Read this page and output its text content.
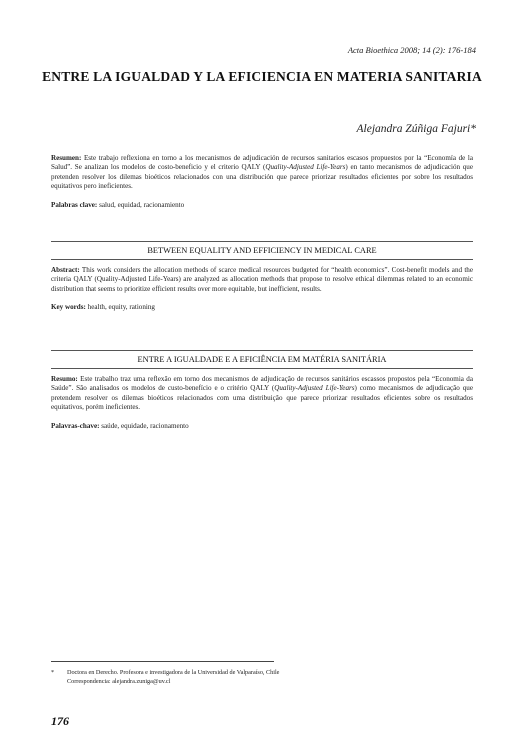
Acta Bioethica 2008; 14 (2): 176-184
ENTRE LA IGUALDAD Y LA EFICIENCIA EN MATERIA SANITARIA
Alejandra Zúñiga Fajuri*

Resumen: Este trabajo reflexiona en torno a los mecanismos de adjudicación de recursos sanitarios escasos propuestos por la “Economía de la Salud”. Se analizan los modelos de costo-beneficio y el criterio QALY (Quality-Adjusted Life-Years) en tanto mecanismos de adjudicación que pretenden resolver los dilemas bioéticos relacionados con una distribución que parece priorizar resultados eficientes por sobre los resultados equitativos pero ineficientes.

Palabras clave: salud, equidad, racionamiento

BETWEEN EQUALITY AND EFFICIENCY IN MEDICAL CARE

Abstract: This work considers the allocation methods of scarce medical resources budgeted for “health economics”. Cost-benefit models and the criteria QALY (Quality-Adjusted Life-Years) are analyzed as allocation methods that propose to resolve ethical dilemmas related to an economic distribution that seems to prioritize efficient results over more equitable, but inefficient, results.

Key words: health, equity, rationing

ENTRE A IGUALDADE E A EFICIÊNCIA EM MATÉRIA SANITÁRIA

Resumo: Este trabalho traz uma reflexão em torno dos mecanismos de adjudicação de recursos sanitários escassos propostos pela “Economia da Saúde”. São analisados os modelos de custo-benefício e o critério QALY (Quality-Adjusted Life-Years) como mecanismos de adjudicação que pretendem resolver os dilemas bioéticos relacionados com uma distribuição que parece priorizar resultados eficientes sobre os resultados equitativos, porém ineficientes.

Palavras-chave: saúde, equidade, racionamento

* Doctora en Derecho. Profesora e investigadora de la Universidad de Valparaíso, Chile
Correspondencia: alejandra.zuniga@uv.cl
176
